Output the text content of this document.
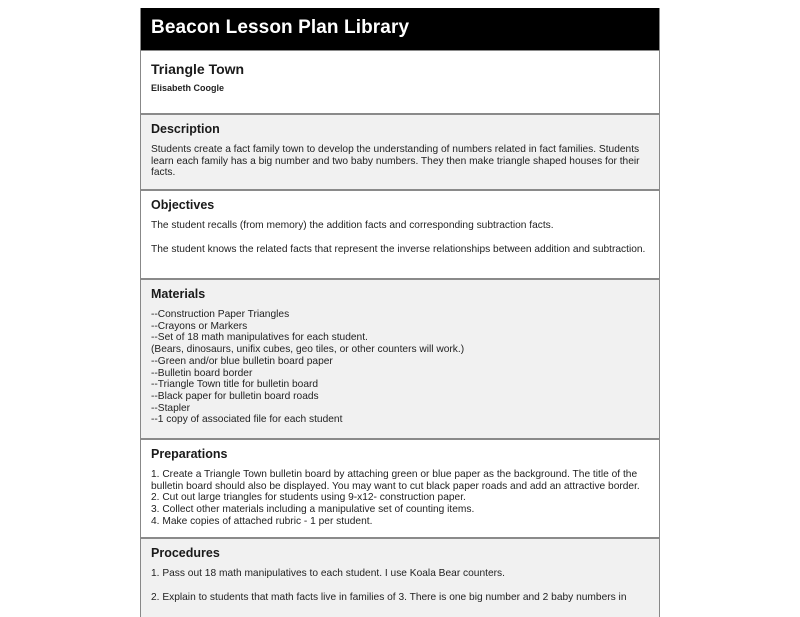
Beacon Lesson Plan Library
Triangle Town
Elisabeth Coogle
Description

Students create a fact family town to develop the understanding of numbers related in fact families. Students learn each family has a big number and two baby numbers. They then make triangle shaped houses for their facts.

Objectives

The student recalls (from memory) the addition facts and corresponding subtraction facts.

The student knows the related facts that represent the inverse relationships between addition and subtraction.

Materials
--Construction Paper Triangles
--Crayons or Markers
--Set of 18 math manipulatives for each student.
(Bears, dinosaurs, unifix cubes, geo tiles, or other counters will work.)
--Green and/or blue bulletin board paper
--Bulletin board border
--Triangle Town title for bulletin board
--Black paper for bulletin board roads
--Stapler
--1 copy of associated file for each student
Preparations
1. Create a Triangle Town bulletin board by attaching green or blue paper as the background. The title of the bulletin board should also be displayed. You may want to cut black paper roads and add an attractive border.
2. Cut out large triangles for students using 9-x12- construction paper.
3. Collect other materials including a manipulative set of counting items.
4. Make copies of attached rubric - 1 per student.
Procedures

1. Pass out 18 math manipulatives to each student. I use Koala Bear counters.

2. Explain to students that math facts live in families of 3. There is one big number and 2 baby numbers in
